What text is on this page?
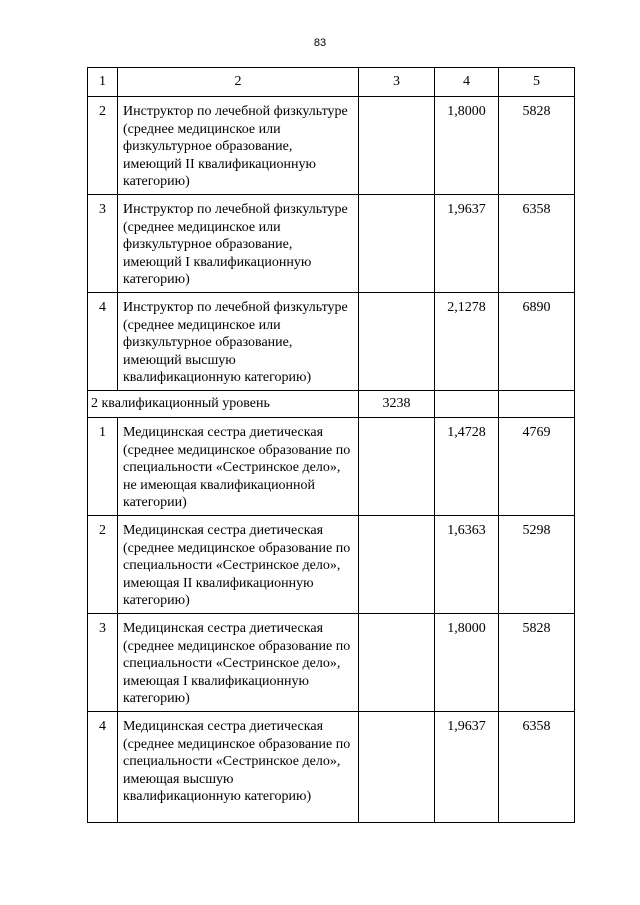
83
1	2	3	4	5
2	Инструктор по лечебной физкультуре (среднее медицинское или физкультурное образование, имеющий II квалификационную категорию)		1,8000	5828
3	Инструктор по лечебной физкультуре (среднее медицинское или физкультурное образование, имеющий I квалификационную категорию)		1,9637	6358
4	Инструктор по лечебной физкультуре (среднее медицинское или физкультурное образование, имеющий высшую квалификационную категорию)		2,1278	6890
2 квалификационный уровень		3238		
1	Медицинская сестра диетическая (среднее медицинское образование по специальности «Сестринское дело», не имеющая квалификационной категории)		1,4728	4769
2	Медицинская сестра диетическая (среднее медицинское образование по специальности «Сестринское дело», имеющая II квалификационную категорию)		1,6363	5298
3	Медицинская сестра диетическая (среднее медицинское образование по специальности «Сестринское дело», имеющая I квалификационную категорию)		1,8000	5828
4	Медицинская сестра диетическая (среднее медицинское образование по специальности «Сестринское дело», имеющая высшую квалификационную категорию)		1,9637	6358
